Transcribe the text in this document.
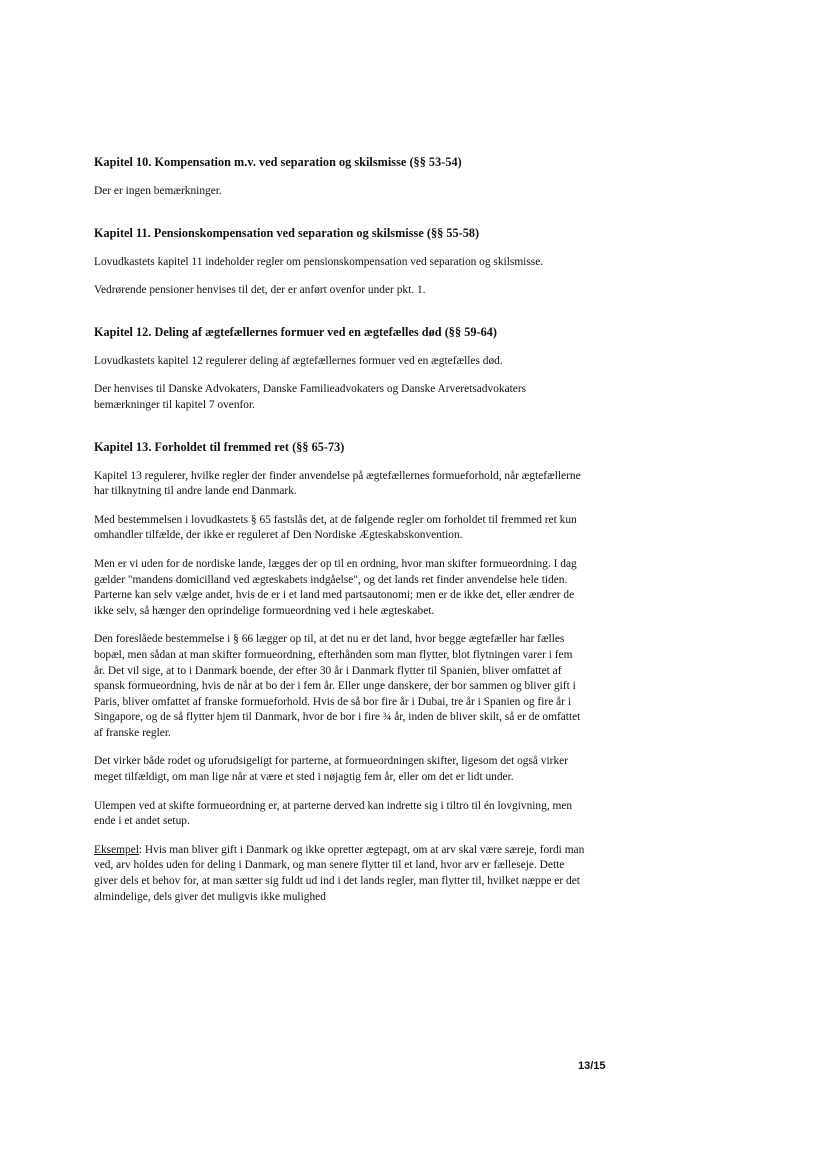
Kapitel 10. Kompensation m.v. ved separation og skilsmisse (§§ 53-54)
Der er ingen bemærkninger.
Kapitel 11. Pensionskompensation ved separation og skilsmisse (§§ 55-58)
Lovudkastets kapitel 11 indeholder regler om pensionskompensation ved separation og skilsmisse.
Vedrørende pensioner henvises til det, der er anført ovenfor under pkt. 1.
Kapitel 12. Deling af ægtefællernes formuer ved en ægtefælles død (§§ 59-64)
Lovudkastets kapitel 12 regulerer deling af ægtefællernes formuer ved en ægtefælles død.
Der henvises til Danske Advokaters, Danske Familieadvokaters og Danske Arveretsadvokaters bemærkninger til kapitel 7 ovenfor.
Kapitel 13. Forholdet til fremmed ret (§§ 65-73)
Kapitel 13 regulerer, hvilke regler der finder anvendelse på ægtefællernes formueforhold, når ægtefællerne har tilknytning til andre lande end Danmark.
Med bestemmelsen i lovudkastets § 65 fastslås det, at de følgende regler om forholdet til fremmed ret kun omhandler tilfælde, der ikke er reguleret af Den Nordiske Ægteskabskonvention.
Men er vi uden for de nordiske lande, lægges der op til en ordning, hvor man skifter formueordning. I dag gælder "mandens domicilland ved ægteskabets indgåelse", og det lands ret finder anvendelse hele tiden. Parterne kan selv vælge andet, hvis de er i et land med partsautonomi; men er de ikke det, eller ændrer de ikke selv, så hænger den oprindelige formueordning ved i hele ægteskabet.
Den foreslåede bestemmelse i § 66 lægger op til, at det nu er det land, hvor begge ægtefæller har fælles bopæl, men sådan at man skifter formueordning, efterhånden som man flytter, blot flytningen varer i fem år. Det vil sige, at to i Danmark boende, der efter 30 år i Danmark flytter til Spanien, bliver omfattet af spansk formueordning, hvis de når at bo der i fem år. Eller unge danskere, der bor sammen og bliver gift i Paris, bliver omfattet af franske formueforhold. Hvis de så bor fire år i Dubai, tre år i Spanien og fire år i Singapore, og de så flytter hjem til Danmark, hvor de bor i fire ¾ år, inden de bliver skilt, så er de omfattet af franske regler.
Det virker både rodet og uforudsigeligt for parterne, at formueordningen skifter, ligesom det også virker meget tilfældigt, om man lige når at være et sted i nøjagtig fem år, eller om det er lidt under.
Ulempen ved at skifte formueordning er, at parterne derved kan indrette sig i tiltro til én lovgivning, men ende i et andet setup.
Eksempel: Hvis man bliver gift i Danmark og ikke opretter ægtepagt, om at arv skal være særeje, fordi man ved, arv holdes uden for deling i Danmark, og man senere flytter til et land, hvor arv er fælleseje. Dette giver dels et behov for, at man sætter sig fuldt ud ind i det lands regler, man flytter til, hvilket næppe er det almindelige, dels giver det muligvis ikke mulighed
13/15
